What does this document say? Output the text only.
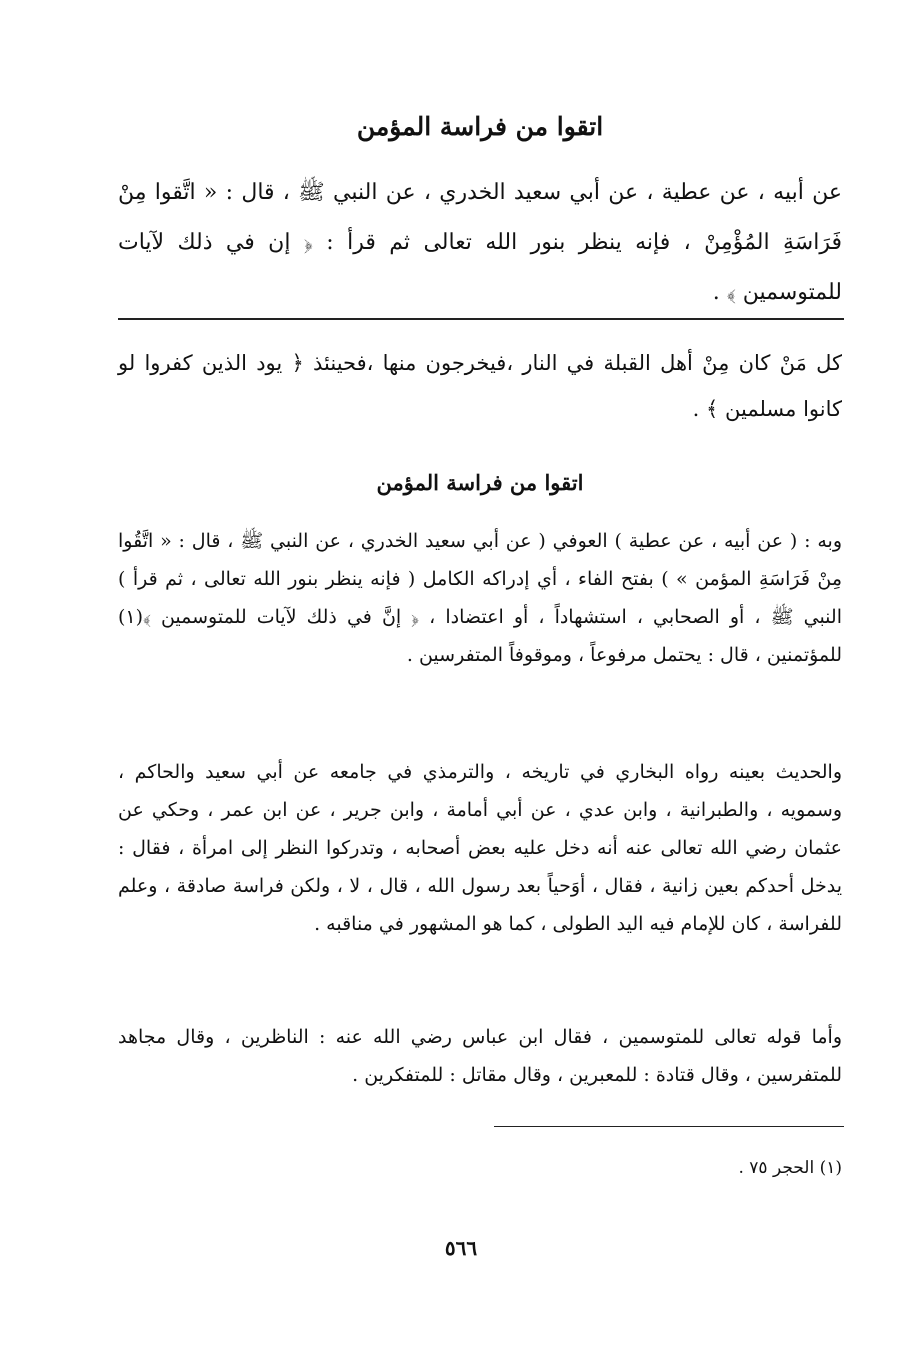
اتقوا من فراسة المؤمن
عن أبيه ، عن عطية ، عن أبي سعيد الخدري ، عن النبي ﷺ ، قال : « اتَّقوا مِنْ فَرَاسَةِ المُؤْمِنْ ، فإنه ينظر بنور الله تعالى ثم قرأ : ﴿ إن في ذلك لآيات للمتوسمين ﴾ .
كل مَنْ كان مِنْ أهل القبلة في النار ،فيخرجون منها ،فحينئذ ﴿ يود الذين كفروا لو كانوا مسلمين ﴾ .
اتقوا من فراسة المؤمن
وبه : ( عن أبيه ، عن عطية ) العوفي ( عن أبي سعيد الخدري ، عن النبي ﷺ ، قال : « اتَّقُوا مِنْ فَرَاسَةِ المؤمن » ) بفتح الفاء ، أي إدراكه الكامل ( فإنه ينظر بنور الله تعالى ، ثم قرأ ) النبي ﷺ ، أو الصحابي ، استشهاداً ، أو اعتضادا ، ﴿ إنَّ في ذلك لآيات للمتوسمين ﴾(١) للمؤتمنين ، قال : يحتمل مرفوعاً ، وموقوفاً المتفرسين .
والحديث بعينه رواه البخاري في تاريخه ، والترمذي في جامعه عن أبي سعيد والحاكم ، وسمويه ، والطبرانية ، وابن عدي ، عن أبي أمامة ، وابن جرير ، عن ابن عمر ، وحكي عن عثمان رضي الله تعالى عنه أنه دخل عليه بعض أصحابه ، وتدركوا النظر إلى امرأة ، فقال : يدخل أحدكم بعين زانية ، فقال ، أوَحياً بعد رسول الله ، قال ، لا ، ولكن فراسة صادقة ، وعلم للفراسة ، كان للإمام فيه اليد الطولى ، كما هو المشهور في مناقبه .
وأما قوله تعالى للمتوسمين ، فقال ابن عباس رضي الله عنه : الناظرين ، وقال مجاهد للمتفرسين ، وقال قتادة : للمعبرين ، وقال مقاتل : للمتفكرين .
(١) الحجر ٧٥ .
٥٦٦
